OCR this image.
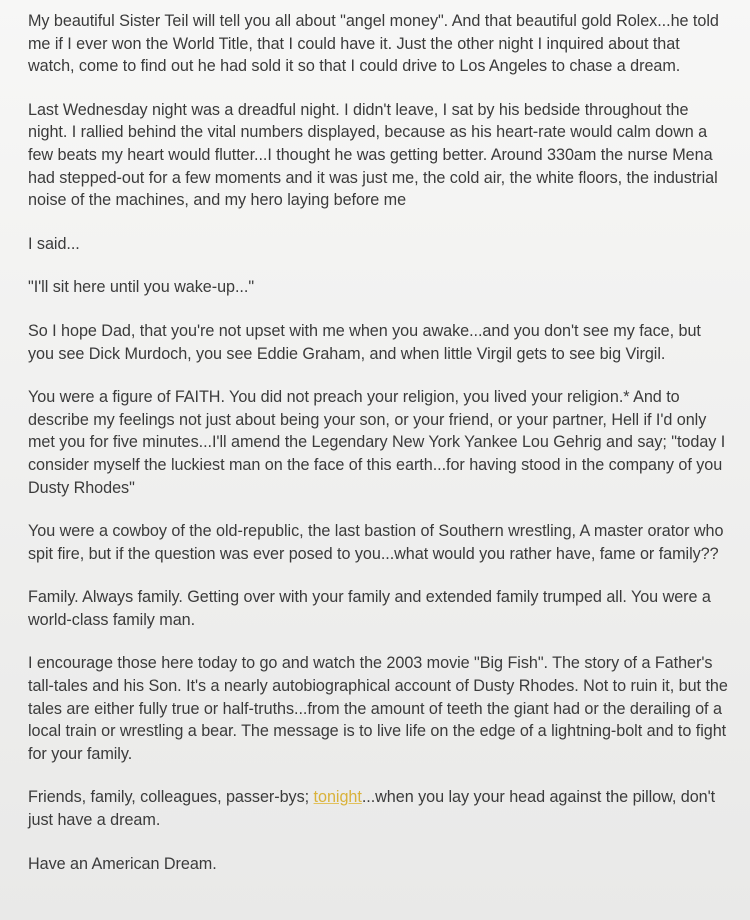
My beautiful Sister Teil will tell you all about "angel money". And that beautiful gold Rolex...he told me if I ever won the World Title, that I could have it. Just the other night I inquired about that watch, come to find out he had sold it so that I could drive to Los Angeles to chase a dream.

Last Wednesday night was a dreadful night. I didn't leave, I sat by his bedside throughout the night. I rallied behind the vital numbers displayed, because as his heart-rate would calm down a few beats my heart would flutter...I thought he was getting better. Around 330am the nurse Mena had stepped-out for a few moments and it was just me, the cold air, the white floors, the industrial noise of the machines, and my hero laying before me

I said...

"I'll sit here until you wake-up..."

So I hope Dad, that you're not upset with me when you awake...and you don't see my face, but you see Dick Murdoch, you see Eddie Graham, and when little Virgil gets to see big Virgil.

You were a figure of FAITH. You did not preach your religion, you lived your religion.* And to describe my feelings not just about being your son, or your friend, or your partner, Hell if I'd only met you for five minutes...I'll amend the Legendary New York Yankee Lou Gehrig and say; "today I consider myself the luckiest man on the face of this earth...for having stood in the company of you Dusty Rhodes"

You were a cowboy of the old-republic, the last bastion of Southern wrestling, A master orator who spit fire, but if the question was ever posed to you...what would you rather have, fame or family??

Family. Always family. Getting over with your family and extended family trumped all. You were a world-class family man.

I encourage those here today to go and watch the 2003 movie "Big Fish". The story of a Father's tall-tales and his Son. It's a nearly autobiographical account of Dusty Rhodes. Not to ruin it, but the tales are either fully true or half-truths...from the amount of teeth the giant had or the derailing of a local train or wrestling a bear. The message is to live life on the edge of a lightning-bolt and to fight for your family.

Friends, family, colleagues, passer-bys; tonight...when you lay your head against the pillow, don't just have a dream.

Have an American Dream.
